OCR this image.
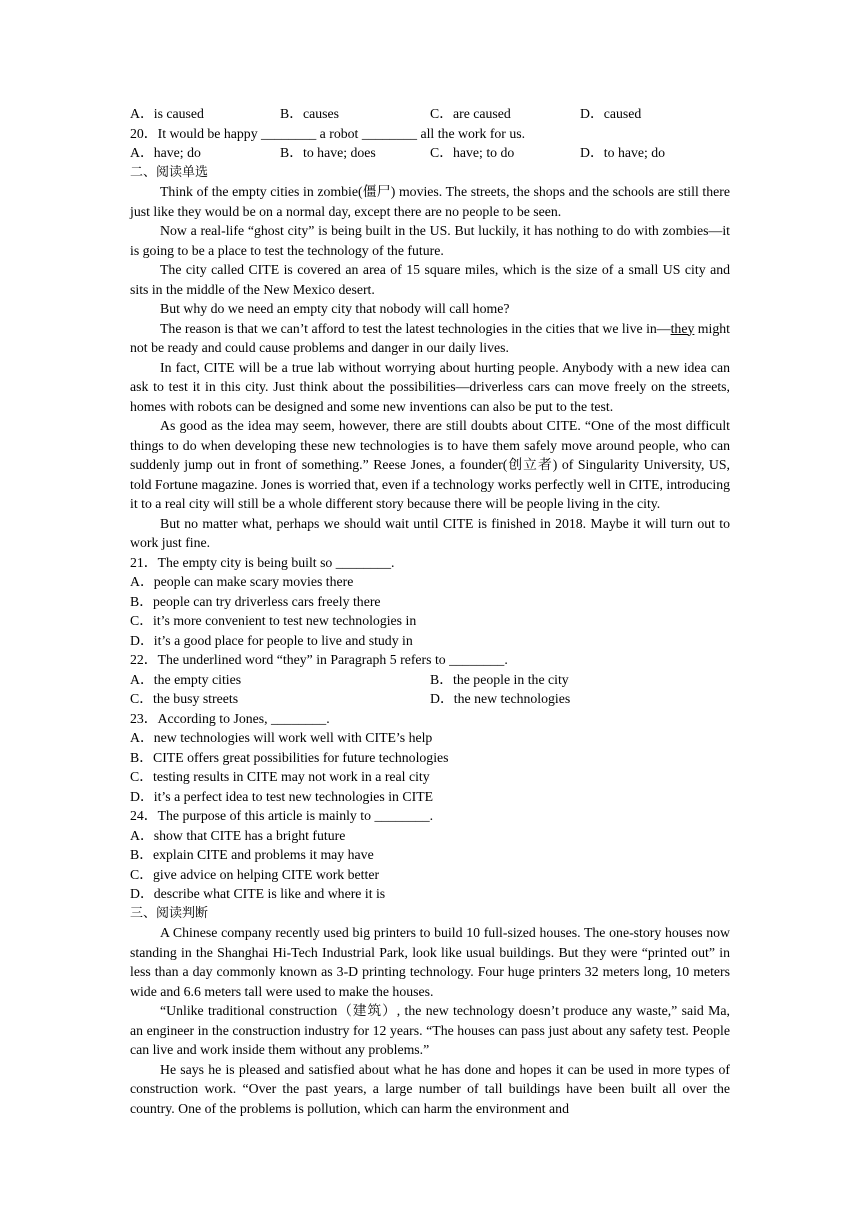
A．is caused	B．causes	C．are caused	D．caused
20．It would be happy ________ a robot ________ all the work for us.
A．have; do	B．to have; does	C．have; to do	D．to have; do
二、阅读单选

Think of the empty cities in zombie(僵尸) movies. The streets, the shops and the schools are still there just like they would be on a normal day, except there are no people to be seen.

Now a real-life “ghost city” is being built in the US. But luckily, it has nothing to do with zombies—it is going to be a place to test the technology of the future.

The city called CITE is covered an area of 15 square miles, which is the size of a small US city and sits in the middle of the New Mexico desert.

But why do we need an empty city that nobody will call home?

The reason is that we can’t afford to test the latest technologies in the cities that we live in—they might not be ready and could cause problems and danger in our daily lives.

In fact, CITE will be a true lab without worrying about hurting people. Anybody with a new idea can ask to test it in this city. Just think about the possibilities—driverless cars can move freely on the streets, homes with robots can be designed and some new inventions can also be put to the test.

As good as the idea may seem, however, there are still doubts about CITE. “One of the most difficult things to do when developing these new technologies is to have them safely move around people, who can suddenly jump out in front of something.” Reese Jones, a founder(创立者) of Singularity University, US, told Fortune magazine. Jones is worried that, even if a technology works perfectly well in CITE, introducing it to a real city will still be a whole different story because there will be people living in the city.

But no matter what, perhaps we should wait until CITE is finished in 2018. Maybe it will turn out to work just fine.

21．The empty city is being built so ________.
A．people can make scary movies there
B．people can try driverless cars freely there
C．it’s more convenient to test new technologies in
D．it’s a good place for people to live and study in
22．The underlined word “they” in Paragraph 5 refers to ________.
A．the empty cities	B．the people in the city
C．the busy streets	D．the new technologies
23．According to Jones, ________.
A．new technologies will work well with CITE’s help
B．CITE offers great possibilities for future technologies
C．testing results in CITE may not work in a real city
D．it’s a perfect idea to test new technologies in CITE
24．The purpose of this article is mainly to ________.
A．show that CITE has a bright future
B．explain CITE and problems it may have
C．give advice on helping CITE work better
D．describe what CITE is like and where it is
三、阅读判断

A Chinese company recently used big printers to build 10 full-sized houses. The one-story houses now standing in the Shanghai Hi-Tech Industrial Park, look like usual buildings. But they were “printed out” in less than a day commonly known as 3-D printing technology. Four huge printers 32 meters long, 10 meters wide and 6.6 meters tall were used to make the houses.

“Unlike traditional construction（建筑）, the new technology doesn’t produce any waste,” said Ma, an engineer in the construction industry for 12 years. “The houses can pass just about any safety test. People can live and work inside them without any problems.”

He says he is pleased and satisfied about what he has done and hopes it can be used in more types of construction work. “Over the past years, a large number of tall buildings have been built all over the country. One of the problems is pollution, which can harm the environment and
